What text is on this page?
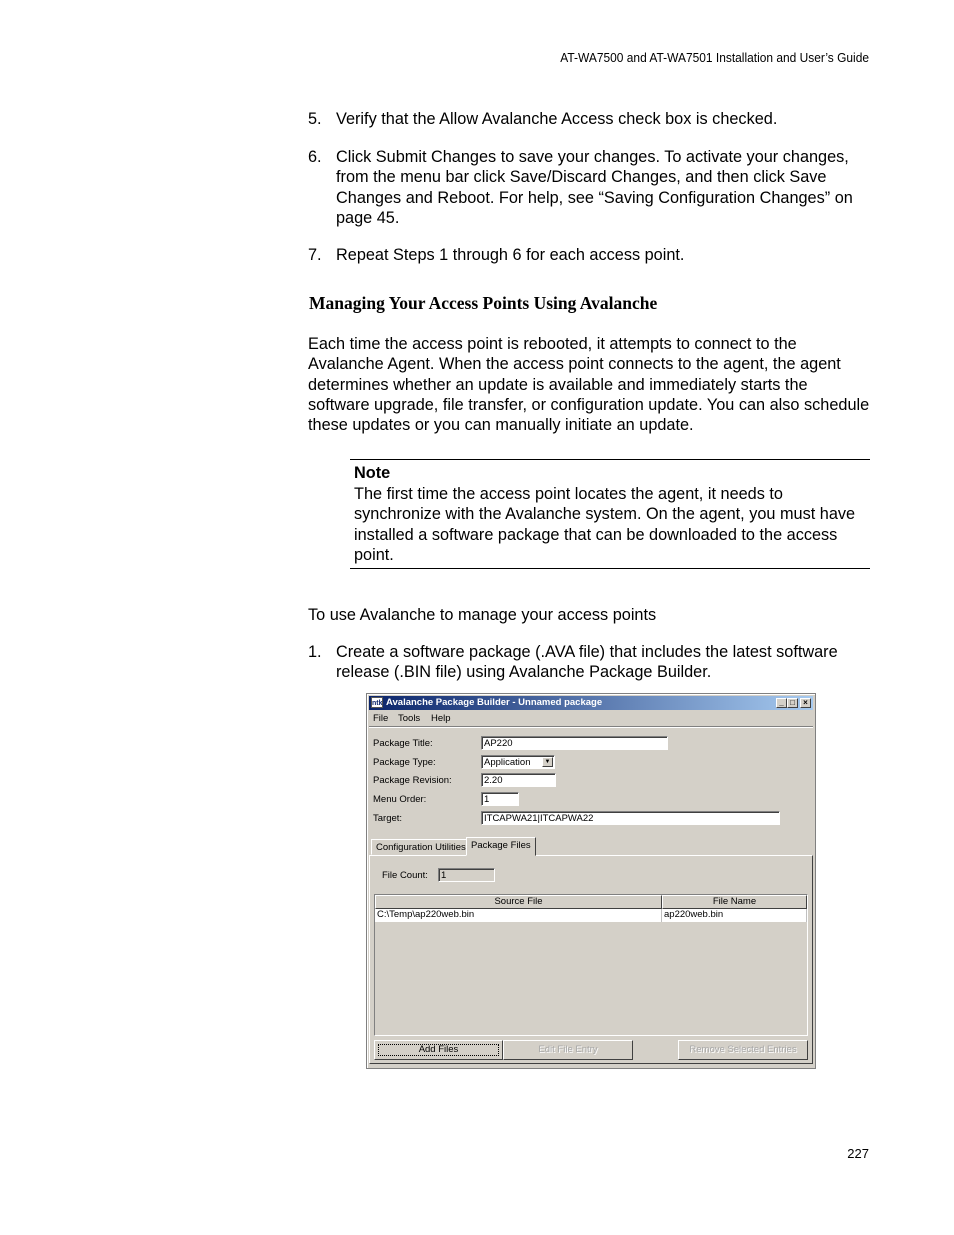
AT-WA7500 and AT-WA7501 Installation and User’s Guide
5. Verify that the Allow Avalanche Access check box is checked.
6. Click Submit Changes to save your changes. To activate your changes, from the menu bar click Save/Discard Changes, and then click Save Changes and Reboot. For help, see “Saving Configuration Changes” on page 45.
7. Repeat Steps 1 through 6 for each access point.
Managing Your Access Points Using Avalanche
Each time the access point is rebooted, it attempts to connect to the Avalanche Agent. When the access point connects to the agent, the agent determines whether an update is available and immediately starts the software upgrade, file transfer, or configuration update. You can also schedule these updates or you can manually initiate an update.
Note
The first time the access point locates the agent, it needs to synchronize with the Avalanche system. On the agent, you must have installed a software package that can be downloaded to the access point.
To use Avalanche to manage your access points
1. Create a software package (.AVA file) that includes the latest software release (.BIN file) using Avalanche Package Builder.
ntk Avalanche Package Builder - Unnamed package	_ □	×
File Tools Help
Package Title:	AP220
Package Type:	Application	▼
Package Revision:	2.20
Menu Order:	1
Target:	ITCAPWA21|ITCAPWA22
Configuration Utilities Package Files
File Count:	1
Source File	File Name
C:\Temp\ap220web.bin	ap220web.bin
Add Files	Edit File Entry	Remove Selected Entries
227
